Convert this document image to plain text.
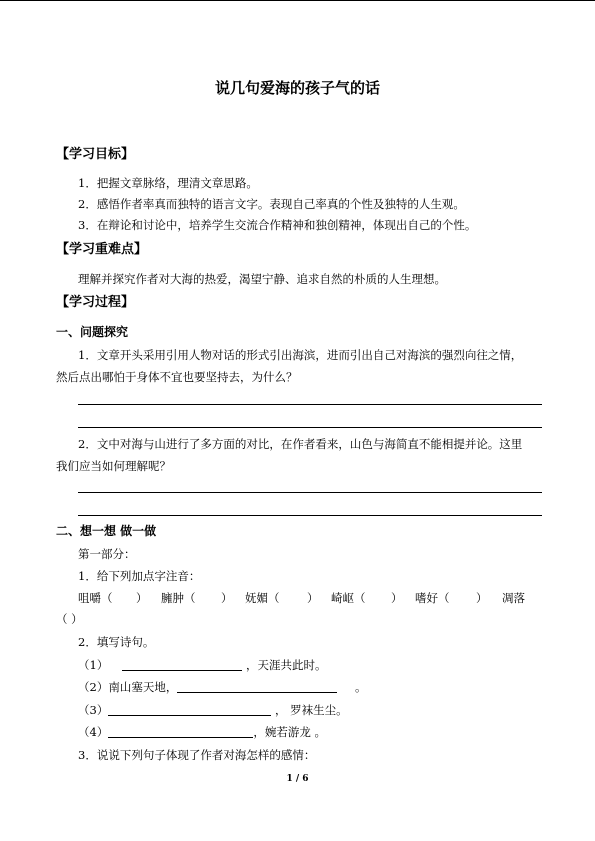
说几句爱海的孩子气的话
【学习目标】
1．把握文章脉络，理清文章思路。
2．感悟作者率真而独特的语言文字。表现自己率真的个性及独特的人生观。
3．在辩论和讨论中，培养学生交流合作精神和独创精神，体现出自己的个性。
【学习重难点】
理解并探究作者对大海的热爱，渴望宁静、追求自然的朴质的人生理想。
【学习过程】
一、问题探究
1．文章开头采用引用人物对话的形式引出海滨，进而引出自己对海滨的强烈向往之情，
然后点出哪怕于身体不宜也要坚持去，为什么？
2．文中对海与山进行了多方面的对比，在作者看来，山色与海简直不能相提并论。这里
我们应当如何理解呢？
二、想一想 做一做
第一部分：
1．给下列加点字注音：
咀嚼（ ） 臃肿（ ） 妩媚（ ） 崎岖（ ） 嗜好（ ） 凋落
（ ）
2．填写诗句。
（1）	，天涯共此时。
（2）南山塞天地，	。
（3）	， 罗袜生尘。
（4）	，婉若游龙 。
3．说说下列句子体现了作者对海怎样的感情：
1 / 6
